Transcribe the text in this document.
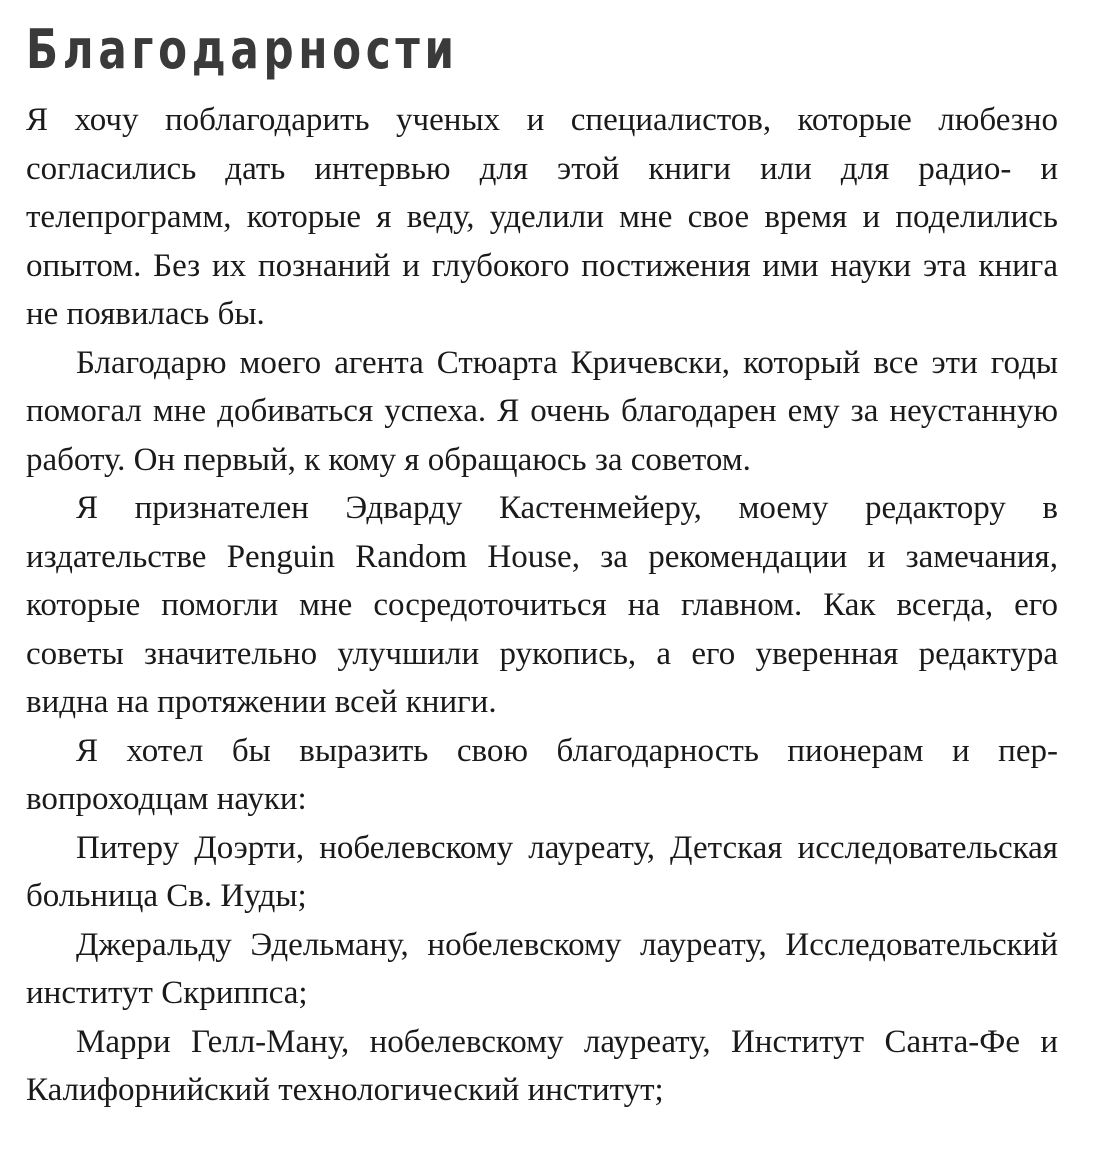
Благодарности

Я хочу поблагодарить ученых и специалистов, которые любезно согласились дать интервью для этой книги или для радио- и телепрограмм, которые я веду, уделили мне свое время и поделились опытом. Без их познаний и глубокого постижения ими науки эта книга не появилась бы.

Благодарю моего агента Стюарта Кричевски, который все эти годы помогал мне добиваться успеха. Я очень благодарен ему за неустанную работу. Он первый, к кому я обращаюсь за советом.

Я признателен Эдварду Кастенмейеру, моему редактору в издательстве Penguin Random House, за рекомендации и замечания, которые помогли мне сосредоточиться на главном. Как всегда, его советы значительно улучшили рукопись, а его уверенная редактура видна на протяжении всей книги.

Я хотел бы выразить свою благодарность пионерам и первопроходцам науки:

Питеру Доэрти, нобелевскому лауреату, Детская исследовательская больница Св. Иуды;

Джеральду Эдельману, нобелевскому лауреату, Исследовательский институт Скриппса;

Марри Гелл-Ману, нобелевскому лауреату, Институт Санта-Фе и Калифорнийский технологический институт;
